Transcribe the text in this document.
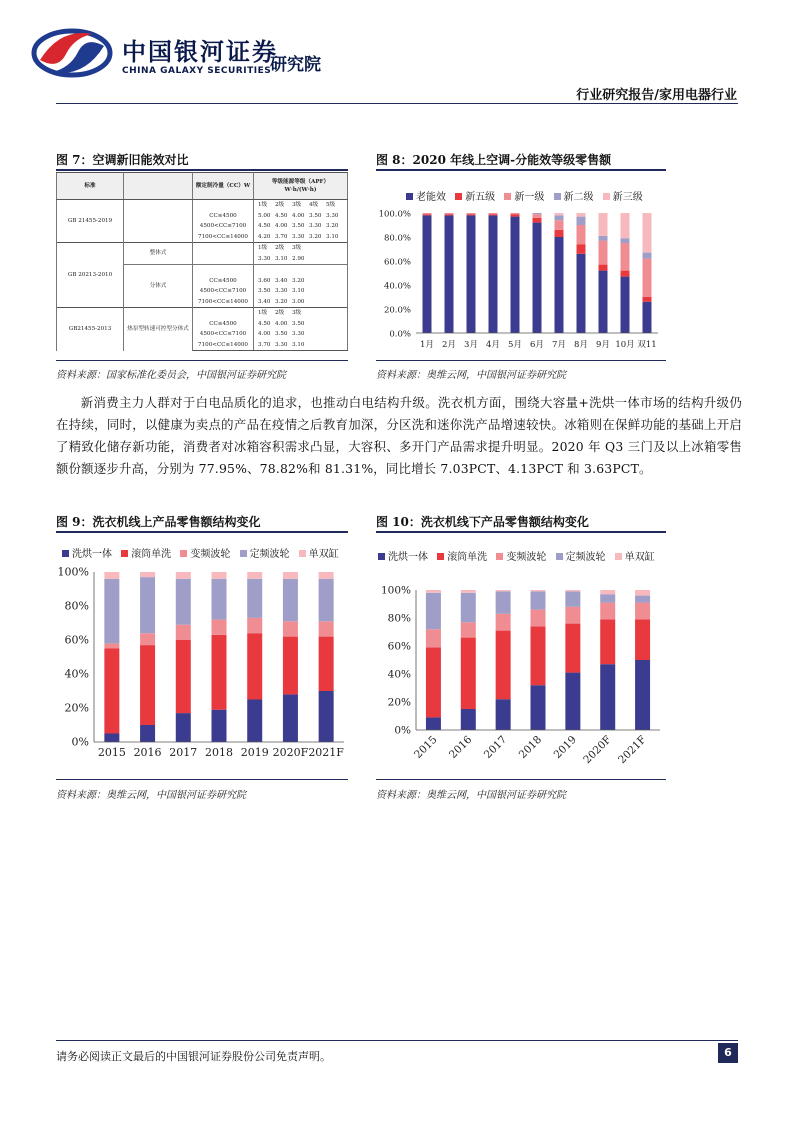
中国银河证券
CHINA GALAXY SECURITIES
研究院
行业研究报告/家用电器行业
图 7：空调新旧能效对比
标准		额定制冷量（CC）W	等级能源等级（APF）W·h/(W·h)
GB 21455-2019			1级 2级 3级 4级 5级
		CC≤4500	5.00 4.50 4.00 3.50 3.30
		4500<CC≤7100	4.50 4.00 3.50 3.30 3.20
		7100<CC≤14000	4.20 3.70 3.30 3.20 3.10
GB 20213-2010	整体式		1级 2级 3级
			3.30 3.10 2.90
	分体式		
		CC≤4500	3.60 3.40 3.20
		4500<CC≤7100	3.50 3.30 3.10
		7100<CC≤14000	3.40 3.20 3.00
GB21455-2013	热泵型转速可控型分体式		1级 2级 3级
		CC≤4500	4.50 4.00 3.50
		4500<CC≤7100	4.00 3.50 3.30
		7100<CC≤14000	3.70 3.30 3.10
资料来源：国家标准化委员会，中国银河证券研究院
图 8：2020 年线上空调-分能效等级零售额
老能效 新五级 新一级 新二级 新三级
0.0%
20.0%
40.0%
60.0%
80.0%
100.0%
1月 2月 3月 4月 5月 6月 7月 8月 9月 10月 双11
资料来源：奥维云网，中国银河证券研究院
新消费主力人群对于白电品质化的追求，也推动白电结构升级。洗衣机方面，围绕大容量+洗烘一体市场的结构升级仍在持续，同时，以健康为卖点的产品在疫情之后教育加深，分区洗和迷你洗产品增速较快。冰箱则在保鲜功能的基础上开启了精致化储存新功能，消费者对冰箱容积需求凸显，大容积、多开门产品需求提升明显。2020 年 Q3 三门及以上冰箱零售额份额逐步升高，分别为 77.95%、78.82%和 81.31%，同比增长 7.03PCT、4.13PCT 和 3.63PCT。
图 9：洗衣机线上产品零售额结构变化
洗烘一体 滚筒单洗 变频波轮 定频波轮 单双缸
0%
20%
40%
60%
80%
100%
2015 2016 2017 2018 2019 2020F 2021F
资料来源：奥维云网，中国银河证券研究院
图 10：洗衣机线下产品零售额结构变化
洗烘一体 滚筒单洗 变频波轮 定频波轮 单双缸
0%
20%
40%
60%
80%
100%
2015 2016 2017 2018 2019 2020F 2021F
资料来源：奥维云网，中国银河证券研究院
请务必阅读正文最后的中国银河证券股份公司免责声明。	6
